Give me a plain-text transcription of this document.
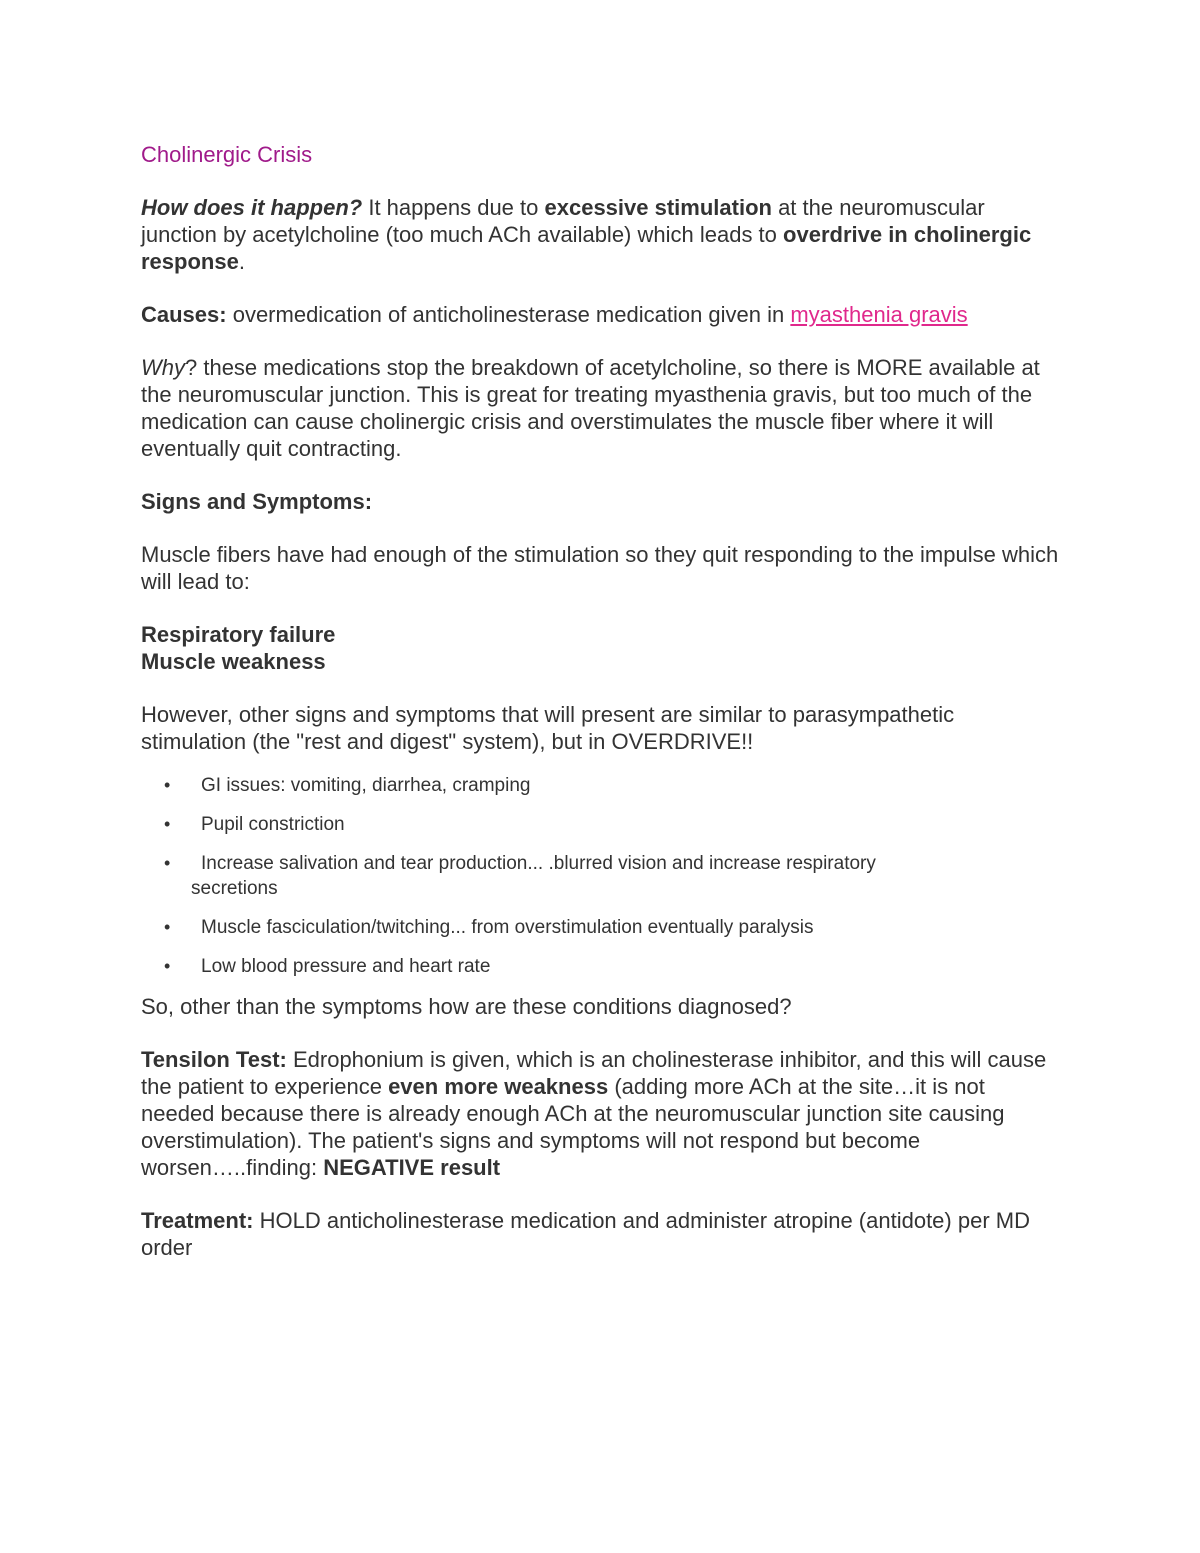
Cholinergic Crisis

How does it happen? It happens due to excessive stimulation at the neuromuscular junction by acetylcholine (too much ACh available) which leads to overdrive in cholinergic response.

Causes: overmedication of anticholinesterase medication given in myasthenia gravis

Why? these medications stop the breakdown of acetylcholine, so there is MORE available at the neuromuscular junction. This is great for treating myasthenia gravis, but too much of the medication can cause cholinergic crisis and overstimulates the muscle fiber where it will eventually quit contracting.

Signs and Symptoms:

Muscle fibers have had enough of the stimulation so they quit responding to the impulse which will lead to:

Respiratory failure

Muscle weakness

However, other signs and symptoms that will present are similar to parasympathetic stimulation (the "rest and digest" system), but in OVERDRIVE!!

• GI issues: vomiting, diarrhea, cramping
• Pupil constriction
• Increase salivation and tear production... .blurred vision and increase respiratory
secretions
• Muscle fasciculation/twitching... from overstimulation eventually paralysis
• Low blood pressure and heart rate

So, other than the symptoms how are these conditions diagnosed?

Tensilon Test: Edrophonium is given, which is an cholinesterase inhibitor, and this will cause the patient to experience even more weakness (adding more ACh at the site…it is not needed because there is already enough ACh at the neuromuscular junction site causing overstimulation). The patient's signs and symptoms will not respond but become worsen…..finding: NEGATIVE result

Treatment: HOLD anticholinesterase medication and administer atropine (antidote) per MD order
